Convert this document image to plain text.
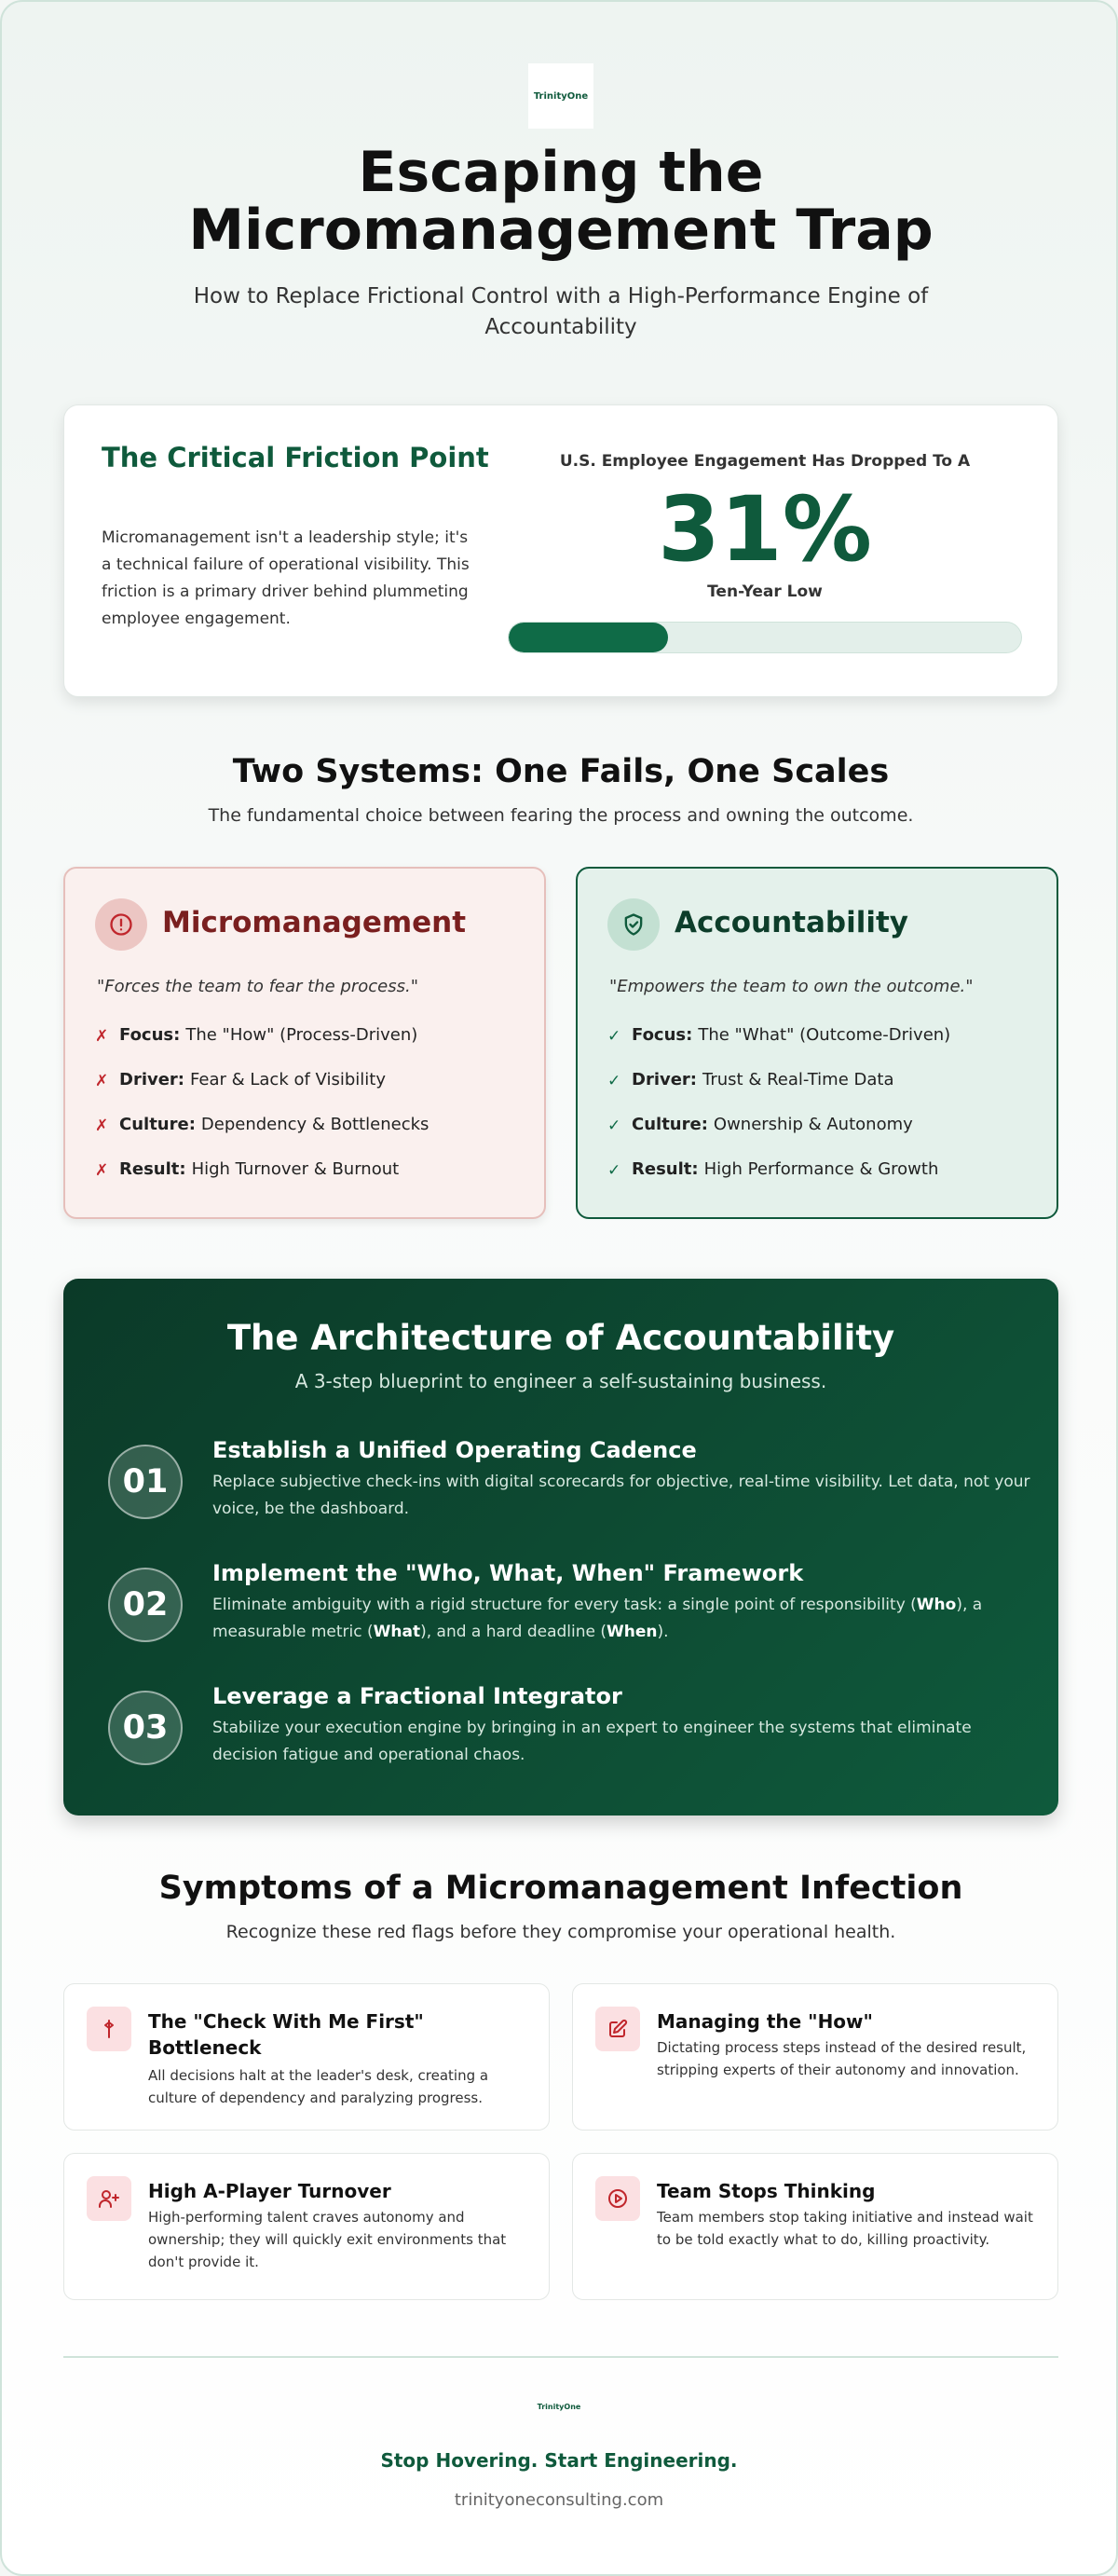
TrinityOne
Escaping the Micromanagement Trap
How to Replace Frictional Control with a High-Performance Engine of Accountability
The Critical Friction Point
Micromanagement isn't a leadership style; it's a technical failure of operational visibility. This friction is a primary driver behind plummeting employee engagement.
U.S. Employee Engagement Has Dropped To A
31%
Ten-Year Low
Two Systems: One Fails, One Scales
The fundamental choice between fearing the process and owning the outcome.
Micromanagement
"Forces the team to fear the process."
✗ Focus: The "How" (Process-Driven)
✗ Driver: Fear & Lack of Visibility
✗ Culture: Dependency & Bottlenecks
✗ Result: High Turnover & Burnout
Accountability
"Empowers the team to own the outcome."
✓ Focus: The "What" (Outcome-Driven)
✓ Driver: Trust & Real-Time Data
✓ Culture: Ownership & Autonomy
✓ Result: High Performance & Growth
The Architecture of Accountability
A 3-step blueprint to engineer a self-sustaining business.
01
Establish a Unified Operating Cadence
Replace subjective check-ins with digital scorecards for objective, real-time visibility. Let data, not your voice, be the dashboard.
02
Implement the "Who, What, When" Framework
Eliminate ambiguity with a rigid structure for every task: a single point of responsibility (Who), a measurable metric (What), and a hard deadline (When).
03
Leverage a Fractional Integrator
Stabilize your execution engine by bringing in an expert to engineer the systems that eliminate decision fatigue and operational chaos.
Symptoms of a Micromanagement Infection
Recognize these red flags before they compromise your operational health.
The "Check With Me First" Bottleneck
All decisions halt at the leader's desk, creating a culture of dependency and paralyzing progress.
Managing the "How"
Dictating process steps instead of the desired result, stripping experts of their autonomy and innovation.
High A-Player Turnover
High-performing talent craves autonomy and ownership; they will quickly exit environments that don't provide it.
Team Stops Thinking
Team members stop taking initiative and instead wait to be told exactly what to do, killing proactivity.
TrinityOne
Stop Hovering. Start Engineering.
trinityoneconsulting.com
